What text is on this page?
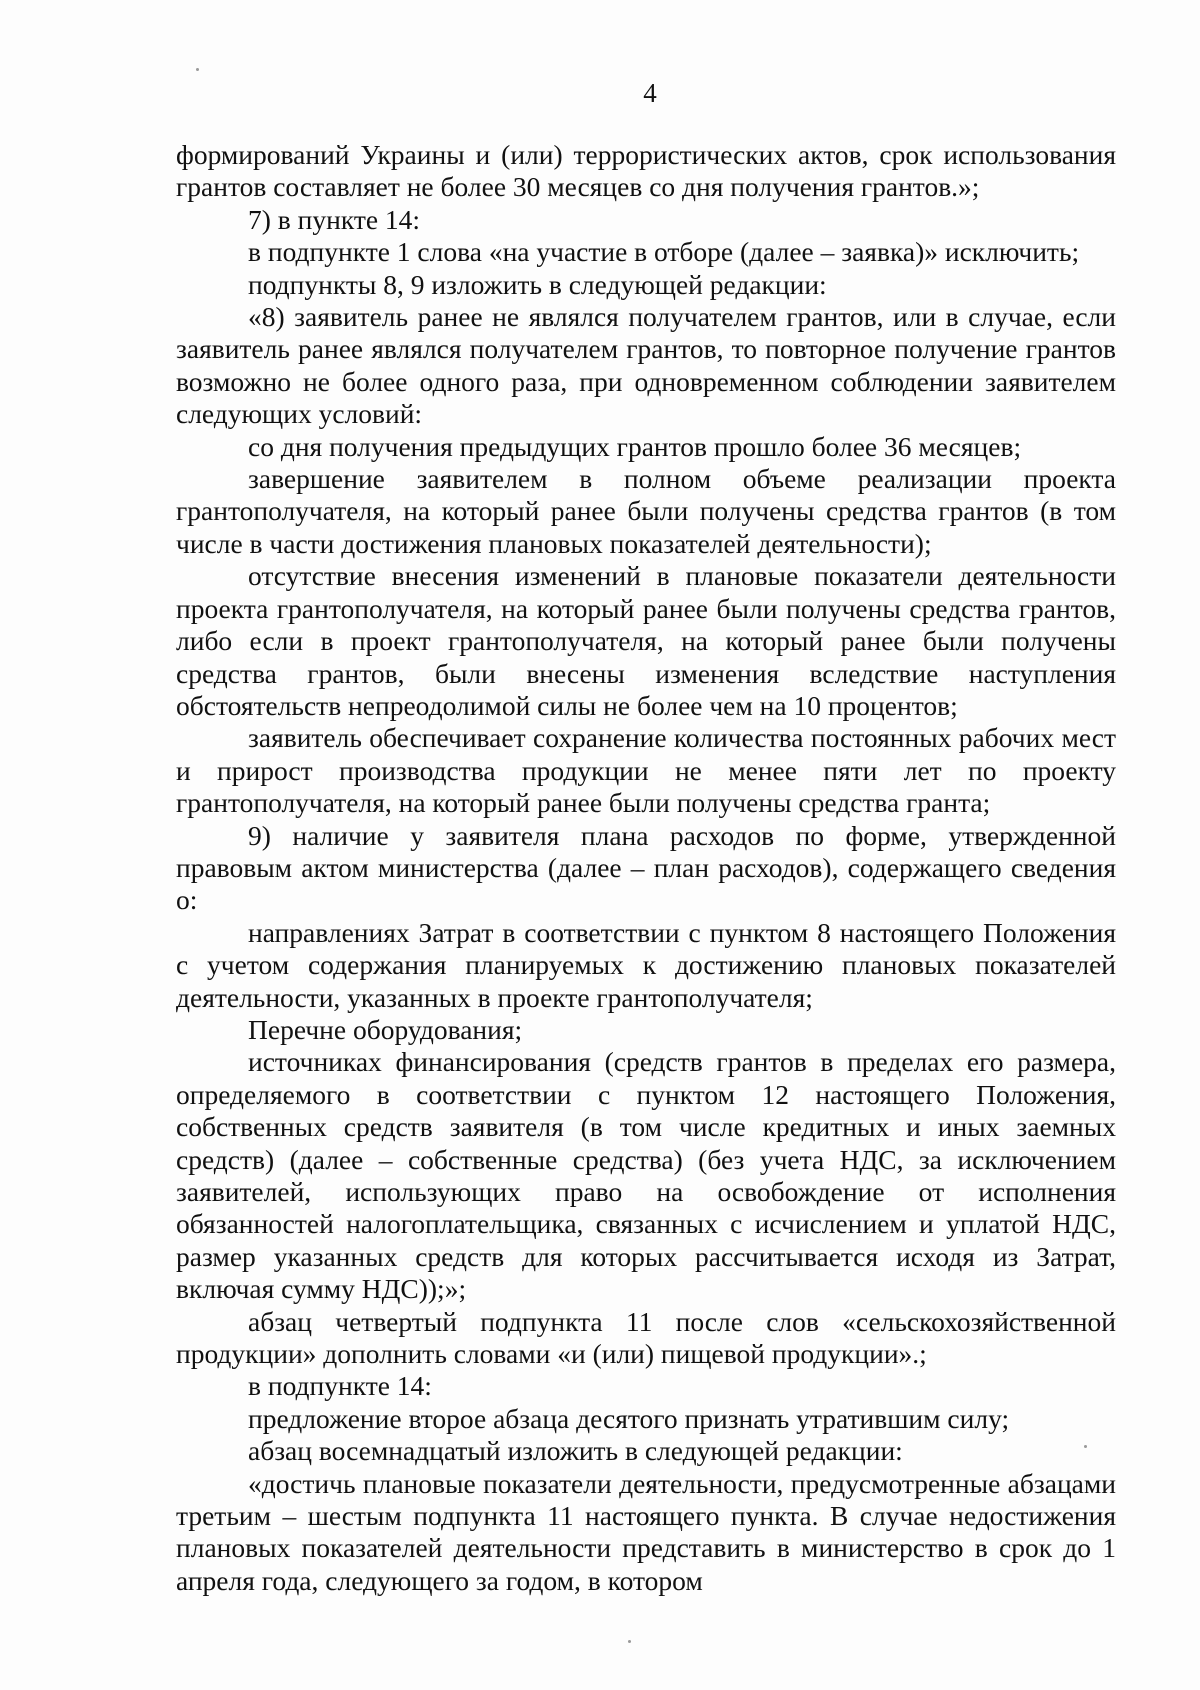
4

формирований Украины и (или) террористических актов, срок использования грантов составляет не более 30 месяцев со дня получения грантов.»;

7) в пункте 14:

в подпункте 1 слова «на участие в отборе (далее – заявка)» исключить;

подпункты 8, 9 изложить в следующей редакции:

«8) заявитель ранее не являлся получателем грантов, или в случае, если заявитель ранее являлся получателем грантов, то повторное получение грантов возможно не более одного раза, при одновременном соблюдении заявителем следующих условий:

со дня получения предыдущих грантов прошло более 36 месяцев;

завершение заявителем в полном объеме реализации проекта грантополучателя, на который ранее были получены средства грантов (в том числе в части достижения плановых показателей деятельности);

отсутствие внесения изменений в плановые показатели деятельности проекта грантополучателя, на который ранее были получены средства грантов, либо если в проект грантополучателя, на который ранее были получены средства грантов, были внесены изменения вследствие наступления обстоятельств непреодолимой силы не более чем на 10 процентов;

заявитель обеспечивает сохранение количества постоянных рабочих мест и прирост производства продукции не менее пяти лет по проекту грантополучателя, на который ранее были получены средства гранта;

9) наличие у заявителя плана расходов по форме, утвержденной правовым актом министерства (далее – план расходов), содержащего сведения о:

направлениях Затрат в соответствии с пунктом 8 настоящего Положения с учетом содержания планируемых к достижению плановых показателей деятельности, указанных в проекте грантополучателя;

Перечне оборудования;

источниках финансирования (средств грантов в пределах его размера, определяемого в соответствии с пунктом 12 настоящего Положения, собственных средств заявителя (в том числе кредитных и иных заемных средств) (далее – собственные средства) (без учета НДС, за исключением заявителей, использующих право на освобождение от исполнения обязанностей налогоплательщика, связанных с исчислением и уплатой НДС, размер указанных средств для которых рассчитывается исходя из Затрат, включая сумму НДС));»;

абзац четвертый подпункта 11 после слов «сельскохозяйственной продукции» дополнить словами «и (или) пищевой продукции».;

в подпункте 14:

предложение второе абзаца десятого признать утратившим силу;

абзац восемнадцатый изложить в следующей редакции:

«достичь плановые показатели деятельности, предусмотренные абзацами третьим – шестым подпункта 11 настоящего пункта. В случае недостижения плановых показателей деятельности представить в министерство в срок до 1 апреля года, следующего за годом, в котором
